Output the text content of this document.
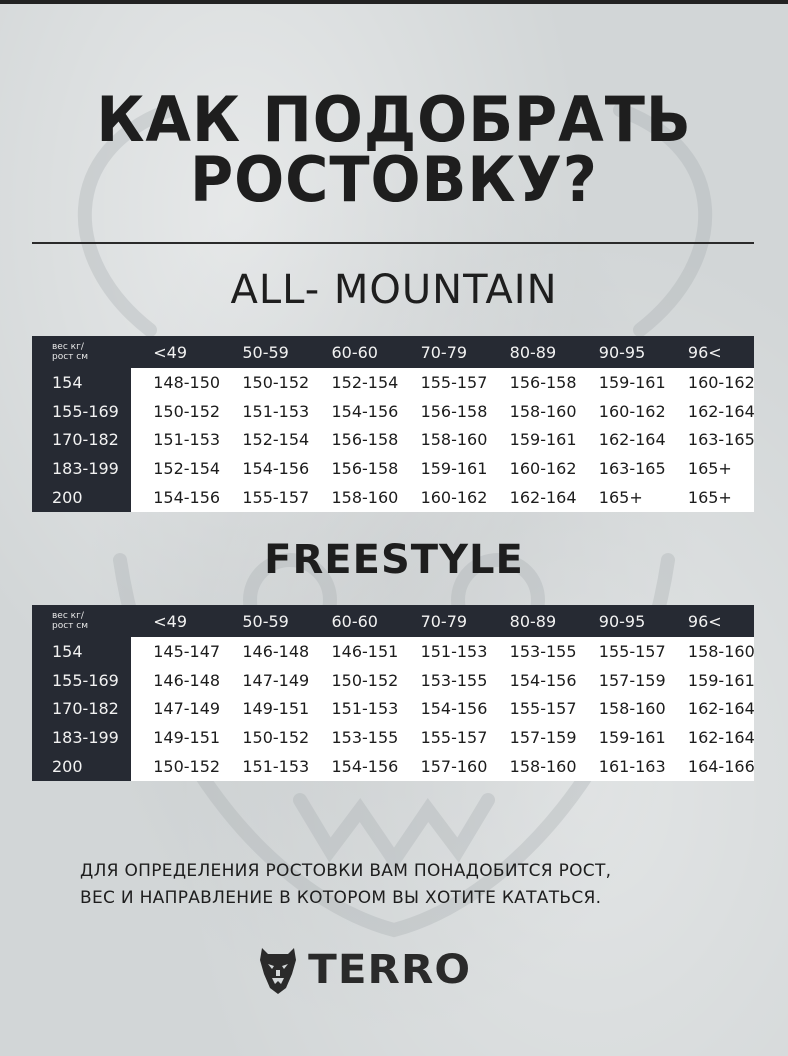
КАК ПОДОБРАТЬ
РОСТОВКУ?
ALL- MOUNTAIN
вес кг/
рост см	<49	50-59	60-60	70-79	80-89	90-95	96<
154	148-150	150-152	152-154	155-157	156-158	159-161	160-162
155-169	150-152	151-153	154-156	156-158	158-160	160-162	162-164
170-182	151-153	152-154	156-158	158-160	159-161	162-164	163-165
183-199	152-154	154-156	156-158	159-161	160-162	163-165	165+
200	154-156	155-157	158-160	160-162	162-164	165+	165+
FREESTYLE
вес кг/
рост см	<49	50-59	60-60	70-79	80-89	90-95	96<
154	145-147	146-148	146-151	151-153	153-155	155-157	158-160
155-169	146-148	147-149	150-152	153-155	154-156	157-159	159-161
170-182	147-149	149-151	151-153	154-156	155-157	158-160	162-164
183-199	149-151	150-152	153-155	155-157	157-159	159-161	162-164
200	150-152	151-153	154-156	157-160	158-160	161-163	164-166
ДЛЯ ОПРЕДЕЛЕНИЯ РОСТОВКИ ВАМ ПОНАДОБИТСЯ РОСТ,
ВЕС И НАПРАВЛЕНИЕ В КОТОРОМ ВЫ ХОТИТЕ КАТАТЬСЯ.
TERRO
